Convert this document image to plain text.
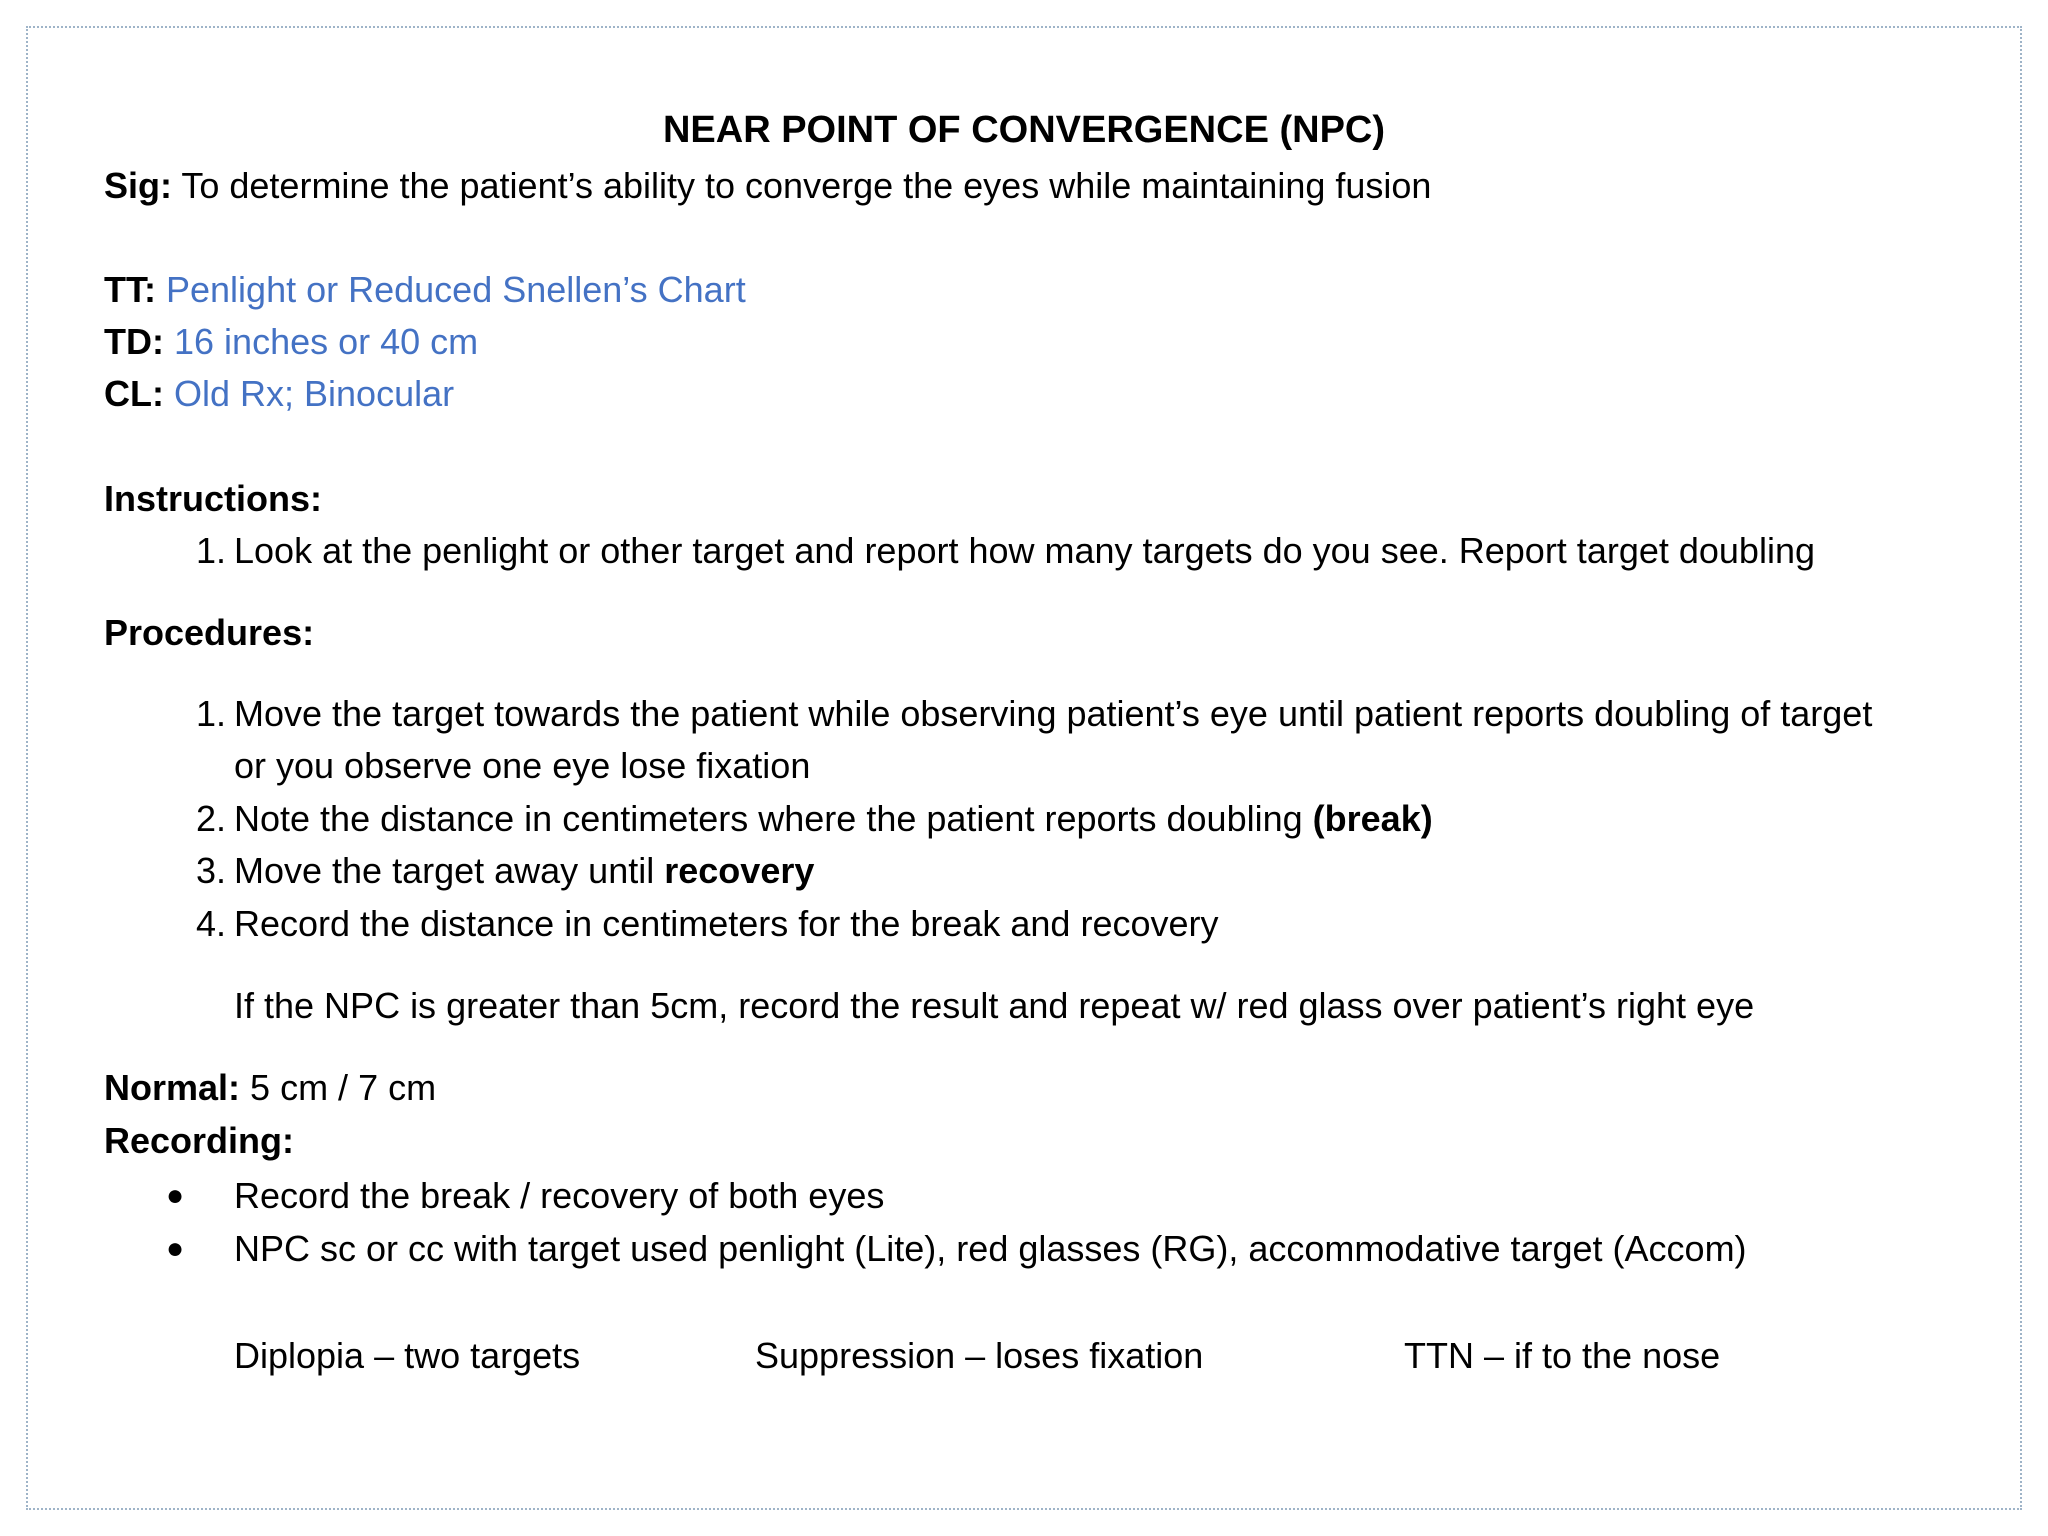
NEAR POINT OF CONVERGENCE (NPC)
Sig: To determine the patient’s ability to converge the eyes while maintaining fusion
TT: Penlight or Reduced Snellen’s Chart
TD: 16 inches or 40 cm
CL: Old Rx; Binocular
Instructions:
1. Look at the penlight or other target and report how many targets do you see. Report target doubling
Procedures:
1. Move the target towards the patient while observing patient’s eye until patient reports doubling of target
or you observe one eye lose fixation
2. Note the distance in centimeters where the patient reports doubling (break)
3. Move the target away until recovery
4. Record the distance in centimeters for the break and recovery
If the NPC is greater than 5cm, record the result and repeat w/ red glass over patient’s right eye
Normal: 5 cm / 7 cm
Recording:
● Record the break / recovery of both eyes
● NPC sc or cc with target used penlight (Lite), red glasses (RG), accommodative target (Accom)
Diplopia – two targets	Suppression – loses fixation	TTN – if to the nose
